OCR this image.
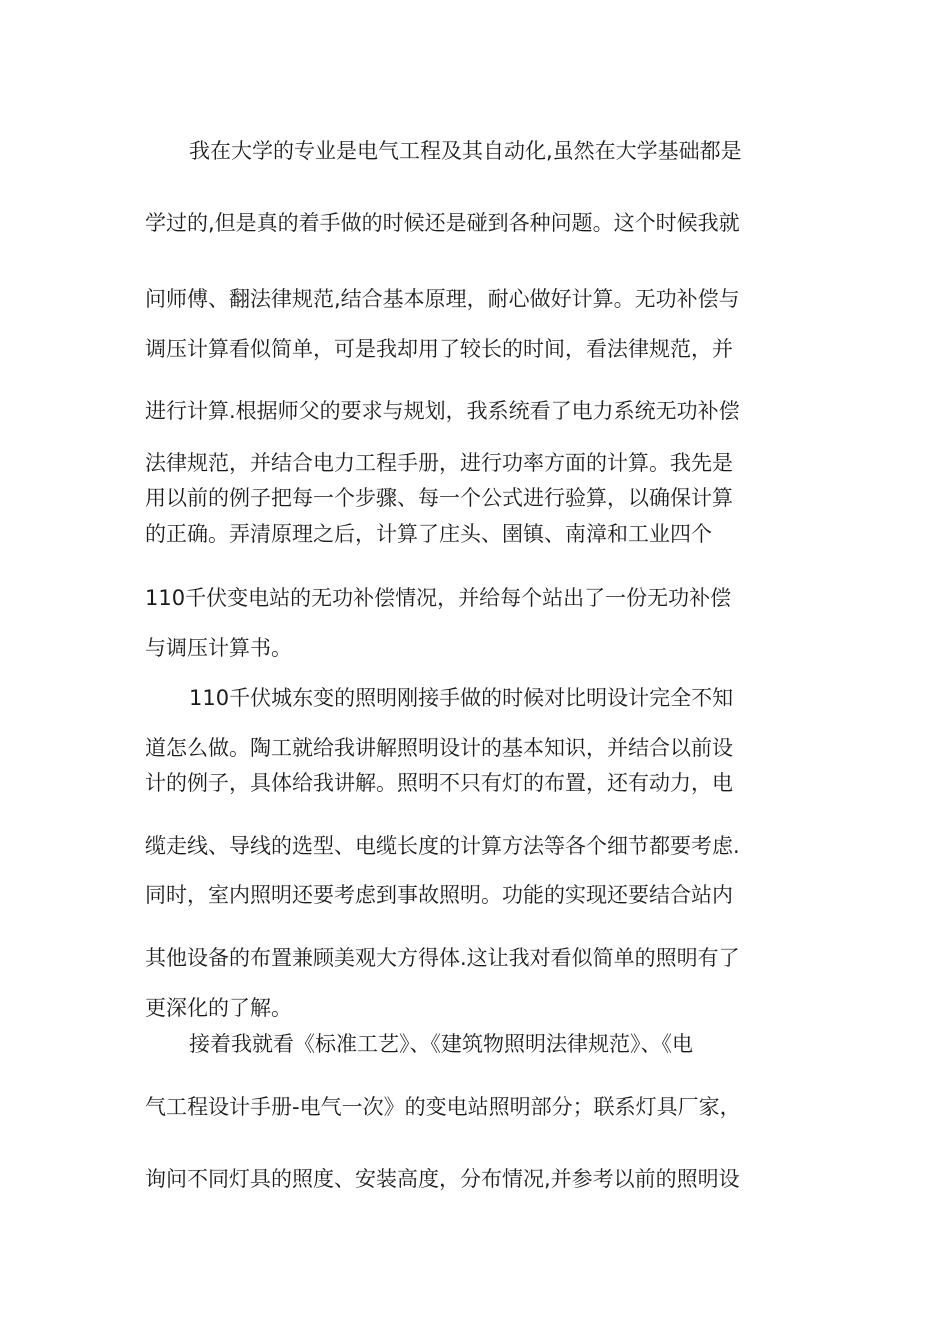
我在大学的专业是电气工程及其自动化,虽然在大学基础都是

学过的,但是真的着手做的时候还是碰到各种问题。这个时候我就

问师傅、翻法律规范,结合基本原理，耐心做好计算。无功补偿与

调压计算看似简单，可是我却用了较长的时间，看法律规范，并

进行计算.根据师父的要求与规划，我系统看了电力系统无功补偿

法律规范，并结合电力工程手册，进行功率方面的计算。我先是

用以前的例子把每一个步骤、每一个公式进行验算，以确保计算

的正确。弄清原理之后，计算了庄头、圉镇、南漳和工业四个

110千伏变电站的无功补偿情况，并给每个站出了一份无功补偿

与调压计算书。

110千伏城东变的照明刚接手做的时候对比明设计完全不知

道怎么做。陶工就给我讲解照明设计的基本知识，并结合以前设

计的例子，具体给我讲解。照明不只有灯的布置，还有动力，电

缆走线、导线的选型、电缆长度的计算方法等各个细节都要考虑.

同时，室内照明还要考虑到事故照明。功能的实现还要结合站内

其他设备的布置兼顾美观大方得体.这让我对看似简单的照明有了

更深化的了解。

接着我就看《标准工艺》、《建筑物照明法律规范》、《电

气工程设计手册-电气一次》的变电站照明部分；联系灯具厂家，

询问不同灯具的照度、安装高度，分布情况,并参考以前的照明设
